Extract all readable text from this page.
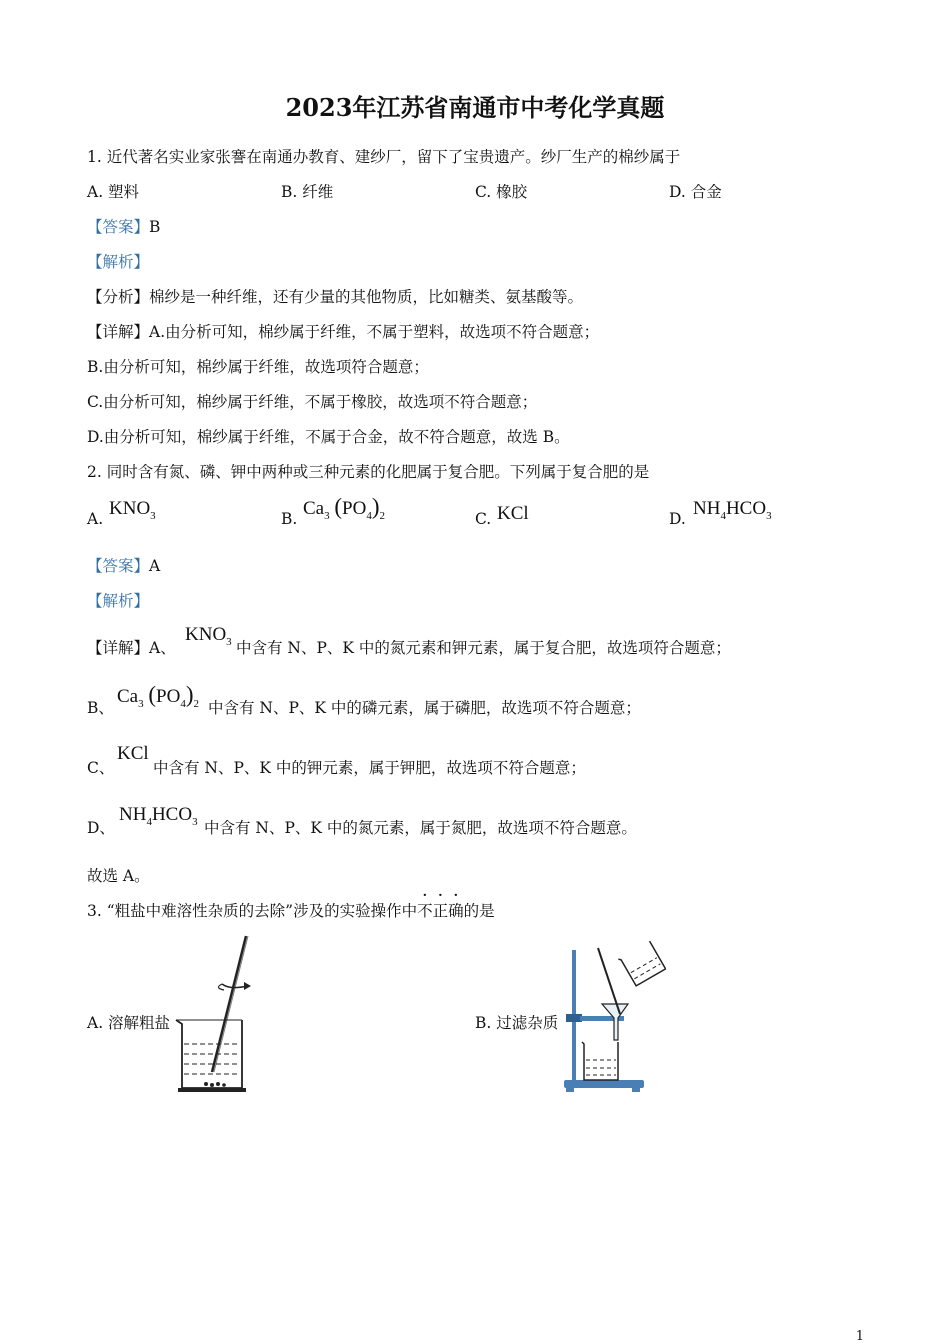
2023年江苏省南通市中考化学真题
1. 近代著名实业家张謇在南通办教育、建纱厂，留下了宝贵遗产。纱厂生产的棉纱属于
A. 塑料	B. 纤维	C. 橡胶	D. 合金
【答案】B
【解析】
【分析】棉纱是一种纤维，还有少量的其他物质，比如糖类、氨基酸等。
【详解】A.由分析可知，棉纱属于纤维，不属于塑料，故选项不符合题意；
B.由分析可知，棉纱属于纤维，故选项符合题意；
C.由分析可知，棉纱属于纤维，不属于橡胶，故选项不符合题意；
D.由分析可知，棉纱属于纤维，不属于合金，故不符合题意，故选 B。
2. 同时含有氮、磷、钾中两种或三种元素的化肥属于复合肥。下列属于复合肥的是
A. $KNO_3$	B. $Ca_3$ $(PO_4)_2$	C. KCl	D. $NH_4HCO_3$
【答案】A
【解析】
【详解】A、
$KNO_3$ 中含有 N、P、K 中的氮元素和钾元素，属于复合肥，故选项符合题意；
B、
$Ca_3$ $(PO_4)_2$ 中含有 N、P、K 中的磷元素，属于磷肥，故选项不符合题意；
C、
KCl
中含有 N、P、K 中的钾元素，属于钾肥，故选项不符合题意；
D、
$NH_4HCO_3$ 中含有 N、P、K 中的氮元素，属于氮肥，故选项不符合题意。
故选 A。
3. “粗盐中难溶性杂质的去除”涉及的实验操作中不正确的是
A. 溶解粗盐	B. 过滤杂质
1
